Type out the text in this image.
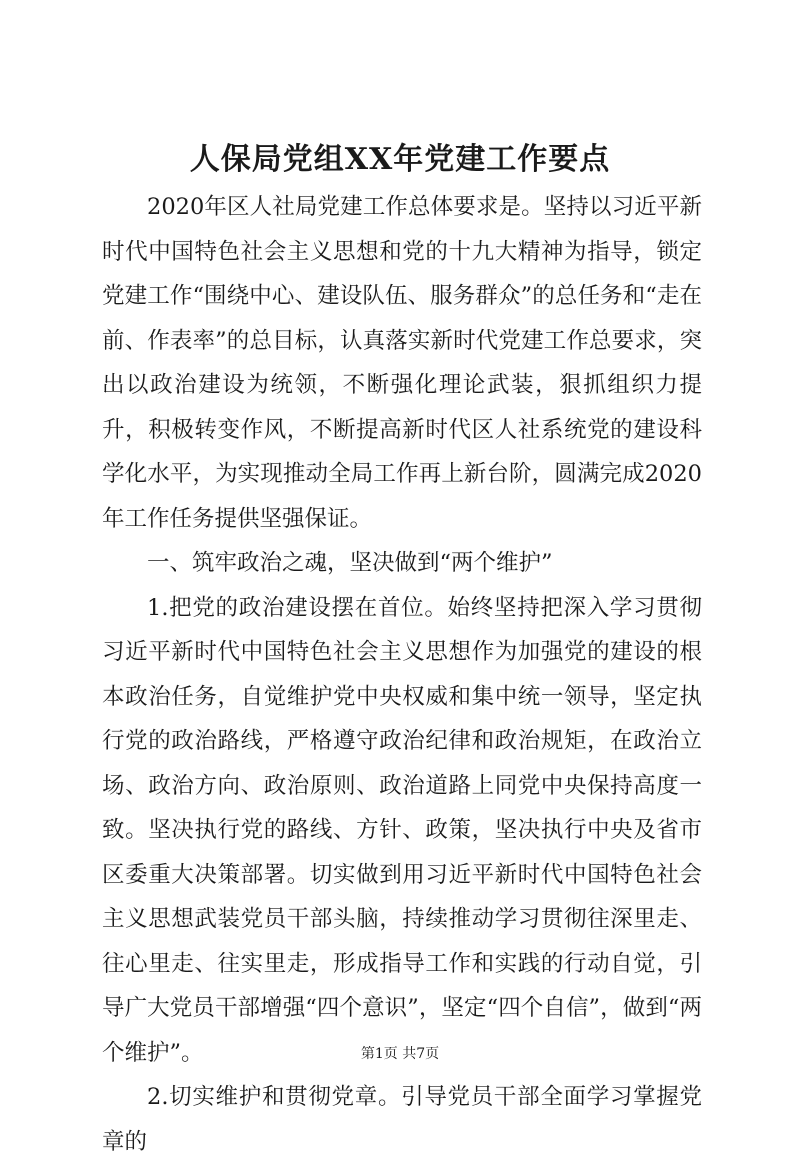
人保局党组XX年党建工作要点

2020年区人社局党建工作总体要求是。坚持以习近平新时代中国特色社会主义思想和党的十九大精神为指导，锁定党建工作“围绕中心、建设队伍、服务群众”的总任务和“走在前、作表率”的总目标，认真落实新时代党建工作总要求，突出以政治建设为统领，不断强化理论武装，狠抓组织力提升，积极转变作风，不断提高新时代区人社系统党的建设科学化水平，为实现推动全局工作再上新台阶，圆满完成2020年工作任务提供坚强保证。

一、筑牢政治之魂，坚决做到“两个维护”

1.把党的政治建设摆在首位。始终坚持把深入学习贯彻习近平新时代中国特色社会主义思想作为加强党的建设的根本政治任务，自觉维护党中央权威和集中统一领导，坚定执行党的政治路线，严格遵守政治纪律和政治规矩，在政治立场、政治方向、政治原则、政治道路上同党中央保持高度一致。坚决执行党的路线、方针、政策，坚决执行中央及省市区委重大决策部署。切实做到用习近平新时代中国特色社会主义思想武装党员干部头脑，持续推动学习贯彻往深里走、往心里走、往实里走，形成指导工作和实践的行动自觉，引导广大党员干部增强“四个意识”，坚定“四个自信”，做到“两个维护”。

2.切实维护和贯彻党章。引导党员干部全面学习掌握党章的

第1页 共7页
